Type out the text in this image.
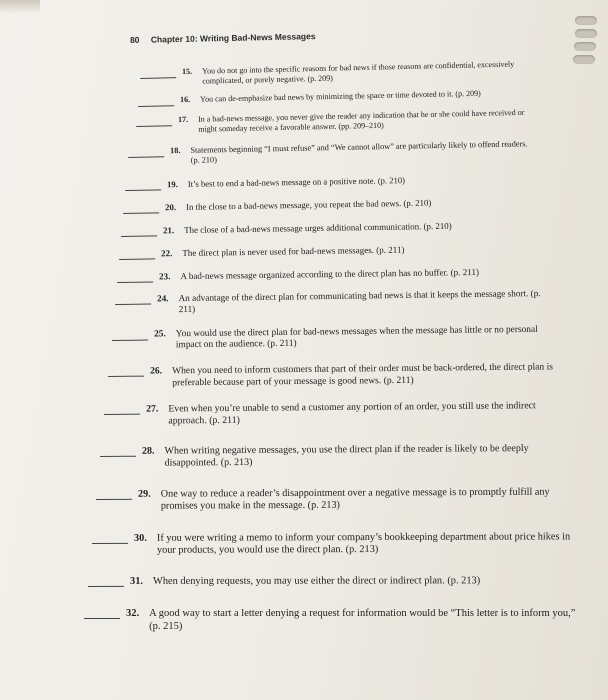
80 Chapter 10: Writing Bad-News Messages
15. You do not go into the specific reasons for bad news if those reasons are confidential, excessively complicated, or purely negative. (p. 209)
16. You can de-emphasize bad news by minimizing the space or time devoted to it. (p. 209)
17. In a bad-news message, you never give the reader any indication that he or she could have received or might someday receive a favorable answer. (pp. 209–210)
18. Statements beginning “I must refuse” and “We cannot allow” are particularly likely to offend readers. (p. 210)
19. It’s best to end a bad-news message on a positive note. (p. 210)
20. In the close to a bad-news message, you repeat the bad news. (p. 210)
21. The close of a bad-news message urges additional communication. (p. 210)
22. The direct plan is never used for bad-news messages. (p. 211)
23. A bad-news message organized according to the direct plan has no buffer. (p. 211)
24. An advantage of the direct plan for communicating bad news is that it keeps the message short. (p. 211)
25. You would use the direct plan for bad-news messages when the message has little or no personal impact on the audience. (p. 211)
26. When you need to inform customers that part of their order must be back-ordered, the direct plan is preferable because part of your message is good news. (p. 211)
27. Even when you’re unable to send a customer any portion of an order, you still use the indirect approach. (p. 211)
28. When writing negative messages, you use the direct plan if the reader is likely to be deeply disappointed. (p. 213)
29. One way to reduce a reader’s disappointment over a negative message is to promptly fulfill any promises you make in the message. (p. 213)
30. If you were writing a memo to inform your company’s bookkeeping department about price hikes in your products, you would use the direct plan. (p. 213)
31. When denying requests, you may use either the direct or indirect plan. (p. 213)
32. A good way to start a letter denying a request for information would be “This letter is to inform you,” (p. 215)
